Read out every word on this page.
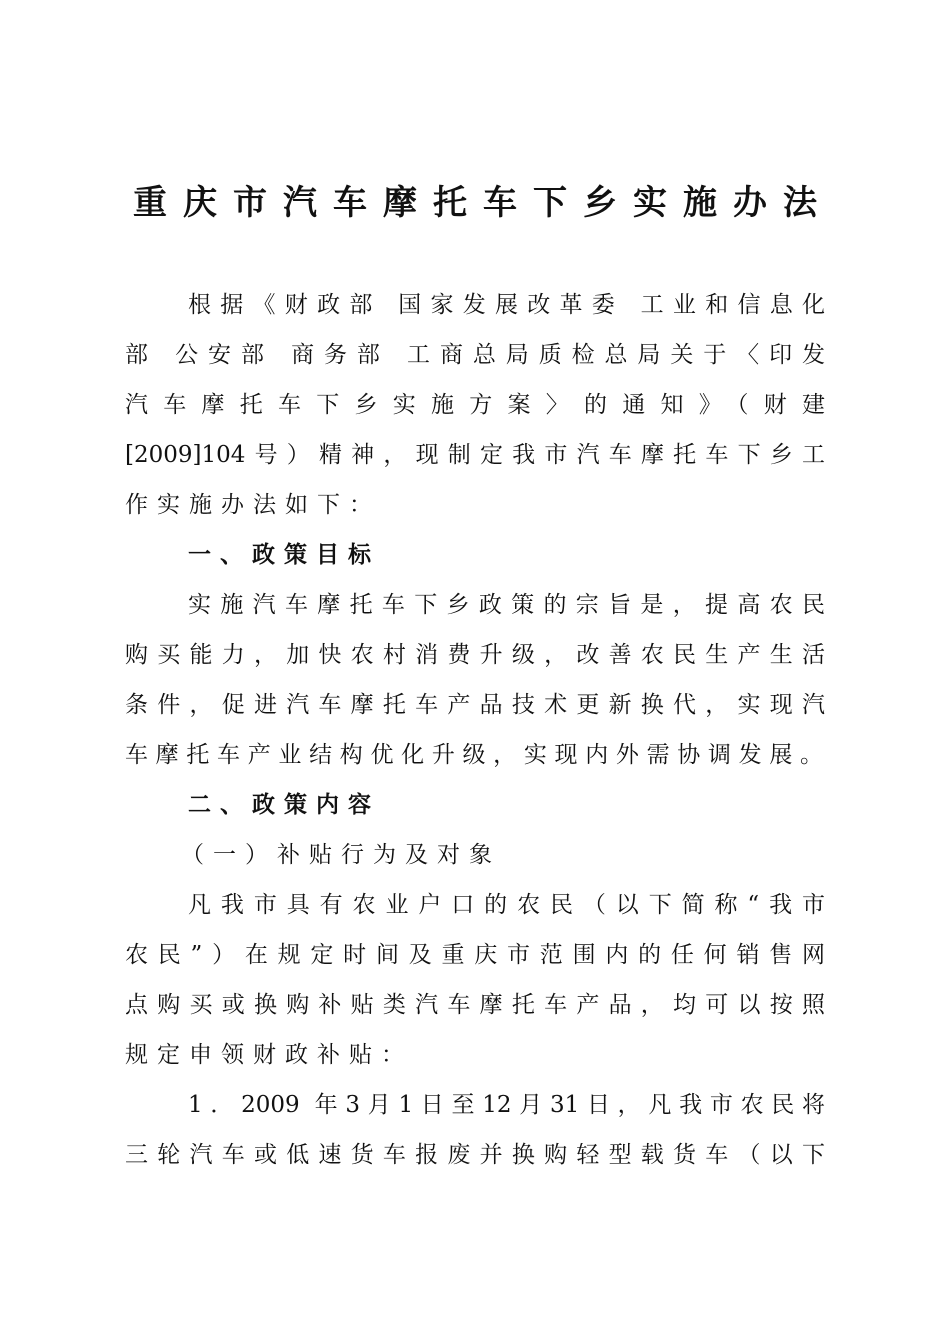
重庆市汽车摩托车下乡实施办法
根据《财政部 国家发展改革委 工业和信息化
部 公安部 商务部 工商总局质检总局关于〈印发
汽车摩托车下乡实施方案〉的通知》（财建
[2009]104号）精神，现制定我市汽车摩托车下乡工
作实施办法如下：
一、政策目标
实施汽车摩托车下乡政策的宗旨是，提高农民
购买能力，加快农村消费升级，改善农民生产生活
条件，促进汽车摩托车产品技术更新换代，实现汽
车摩托车产业结构优化升级，实现内外需协调发展。
二、政策内容
（一）补贴行为及对象
凡我市具有农业户口的农民（以下简称“我市
农民”）在规定时间及重庆市范围内的任何销售网
点购买或换购补贴类汽车摩托车产品，均可以按照
规定申领财政补贴：
1．2009 年3月1日至12月31日，凡我市农民将
三轮汽车或低速货车报废并换购轻型载货车（以下
